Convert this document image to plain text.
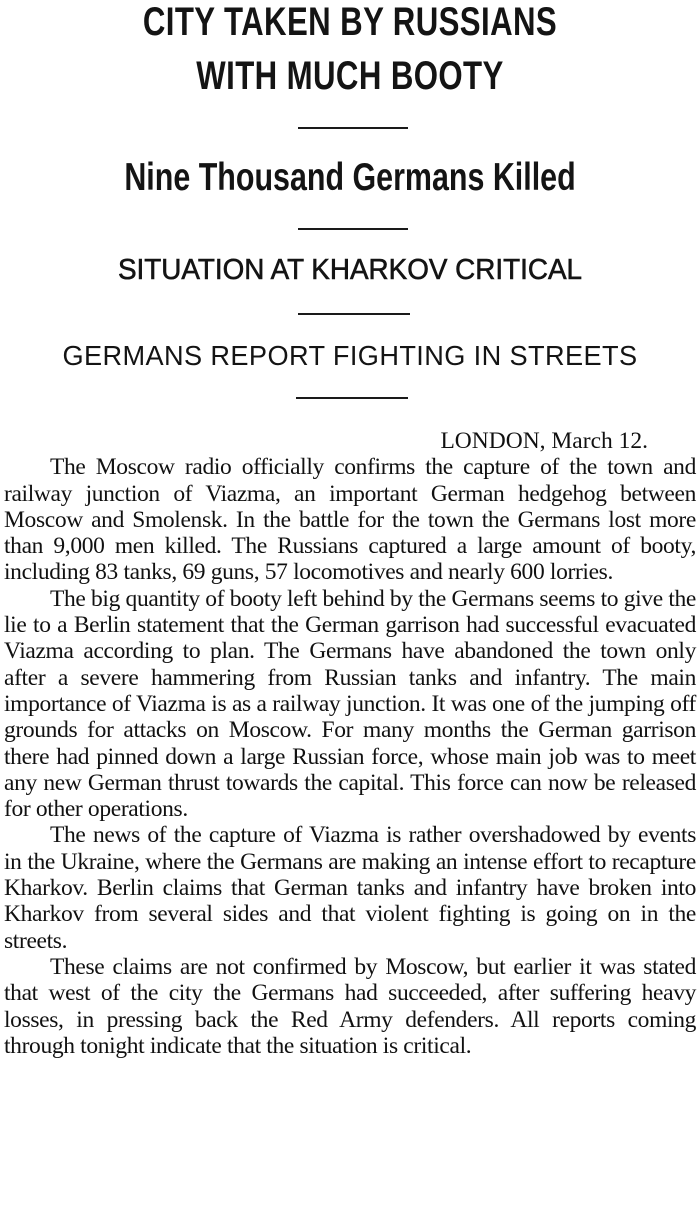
CITY TAKEN BY RUSSIANS
WITH MUCH BOOTY
Nine Thousand Germans Killed
SITUATION AT KHARKOV CRITICAL
GERMANS REPORT FIGHTING IN STREETS

LONDON, March 12.

The Moscow radio officially confirms the capture of the town and railway junction of Viazma, an important German hedgehog between Moscow and Smolensk. In the battle for the town the Germans lost more than 9,000 men killed. The Russians captured a large amount of booty, including 83 tanks, 69 guns, 57 locomotives and nearly 600 lorries.

The big quantity of booty left behind by the Germans seems to give the lie to a Berlin statement that the German garrison had successful evacuated Viazma according to plan. The Germans have abandoned the town only after a severe hammering from Russian tanks and infantry. The main importance of Viazma is as a railway junction. It was one of the jumping off grounds for attacks on Moscow. For many months the German garrison there had pinned down a large Russian force, whose main job was to meet any new German thrust towards the capital. This force can now be released for other operations.

The news of the capture of Viazma is rather overshadowed by events in the Ukraine, where the Germans are making an intense effort to recapture Kharkov. Berlin claims that German tanks and infantry have broken into Kharkov from several sides and that violent fighting is going on in the streets.

These claims are not confirmed by Moscow, but earlier it was stated that west of the city the Germans had succeeded, after suffering heavy losses, in pressing back the Red Army defenders. All reports coming through tonight indicate that the situation is critical.
